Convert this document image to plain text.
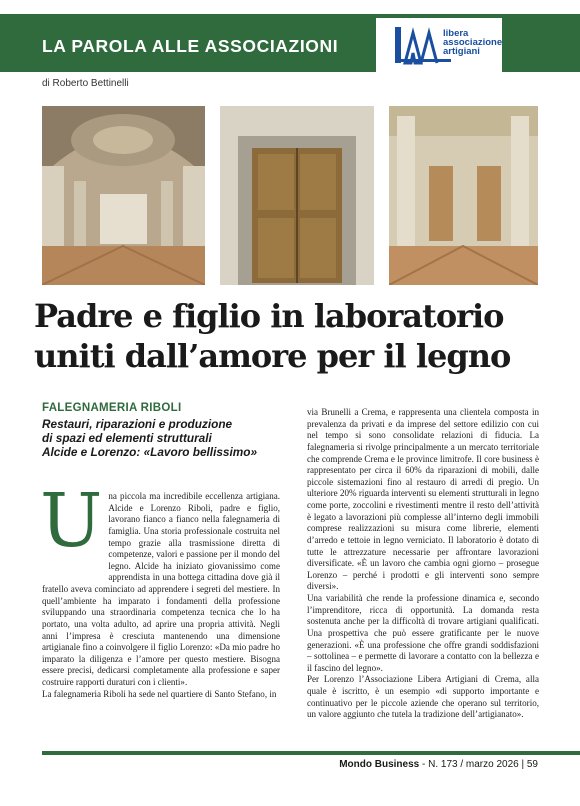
LA PAROLA ALLE ASSOCIAZIONI
libera
associazione
artigiani
di Roberto Bettinelli
Padre e figlio in laboratorio uniti dall’amore per il legno
FALEGNAMERIA RIBOLI
Restauri, riparazioni e produzione
di spazi ed elementi strutturali
Alcide e Lorenzo: «Lavoro bellissimo»

Una piccola ma incredibile eccellenza artigiana. Alcide e Lorenzo Riboli, padre e figlio, lavorano fianco a fianco nella falegnameria di famiglia. Una storia professionale costruita nel tempo grazie alla trasmissione diretta di competenze, valori e passione per il mondo del legno. Alcide ha iniziato giovanissimo come apprendista in una bottega cittadina dove già il fratello aveva cominciato ad apprendere i segreti del mestiere. In quell’ambiente ha imparato i fondamenti della professione sviluppando una straordinaria competenza tecnica che lo ha portato, una volta adulto, ad aprire una propria attività. Negli anni l’impresa è cresciuta mantenendo una dimensione artigianale fino a coinvolgere il figlio Lorenzo: «Da mio padre ho imparato la diligenza e l’amore per questo mestiere. Bisogna essere precisi, dedicarsi completamente alla professione e saper costruire rapporti duraturi con i clienti».

La falegnameria Riboli ha sede nel quartiere di Santo Stefano, in

via Brunelli a Crema, e rappresenta una clientela composta in prevalenza da privati e da imprese del settore edilizio con cui nel tempo si sono consolidate relazioni di fiducia. La falegnameria si rivolge principalmente a un mercato territoriale che comprende Crema e le province limitrofe. Il core business è rappresentato per circa il 60% da riparazioni di mobili, dalle piccole sistemazioni fino al restauro di arredi di pregio. Un ulteriore 20% riguarda interventi su elementi strutturali in legno come porte, zoccolini e rivestimenti mentre il resto dell’attività è legato a lavorazioni più complesse all’interno degli immobili comprese realizzazioni su misura come librerie, elementi d’arredo e tettoie in legno verniciato. Il laboratorio è dotato di tutte le attrezzature necessarie per affrontare lavorazioni diversificate. «È un lavoro che cambia ogni giorno – prosegue Lorenzo – perché i prodotti e gli interventi sono sempre diversi».

Una variabilità che rende la professione dinamica e, secondo l’imprenditore, ricca di opportunità. La domanda resta sostenuta anche per la difficoltà di trovare artigiani qualificati. Una prospettiva che può essere gratificante per le nuove generazioni. «È una professione che offre grandi soddisfazioni – sottolinea – e permette di lavorare a contatto con la bellezza e il fascino del legno».

Per Lorenzo l’Associazione Libera Artigiani di Crema, alla quale è iscritto, è un esempio «di supporto importante e continuativo per le piccole aziende che operano sul territorio, un valore aggiunto che tutela la tradizione dell’artigianato».

Mondo Business - N. 173 / marzo 2026 | 59
